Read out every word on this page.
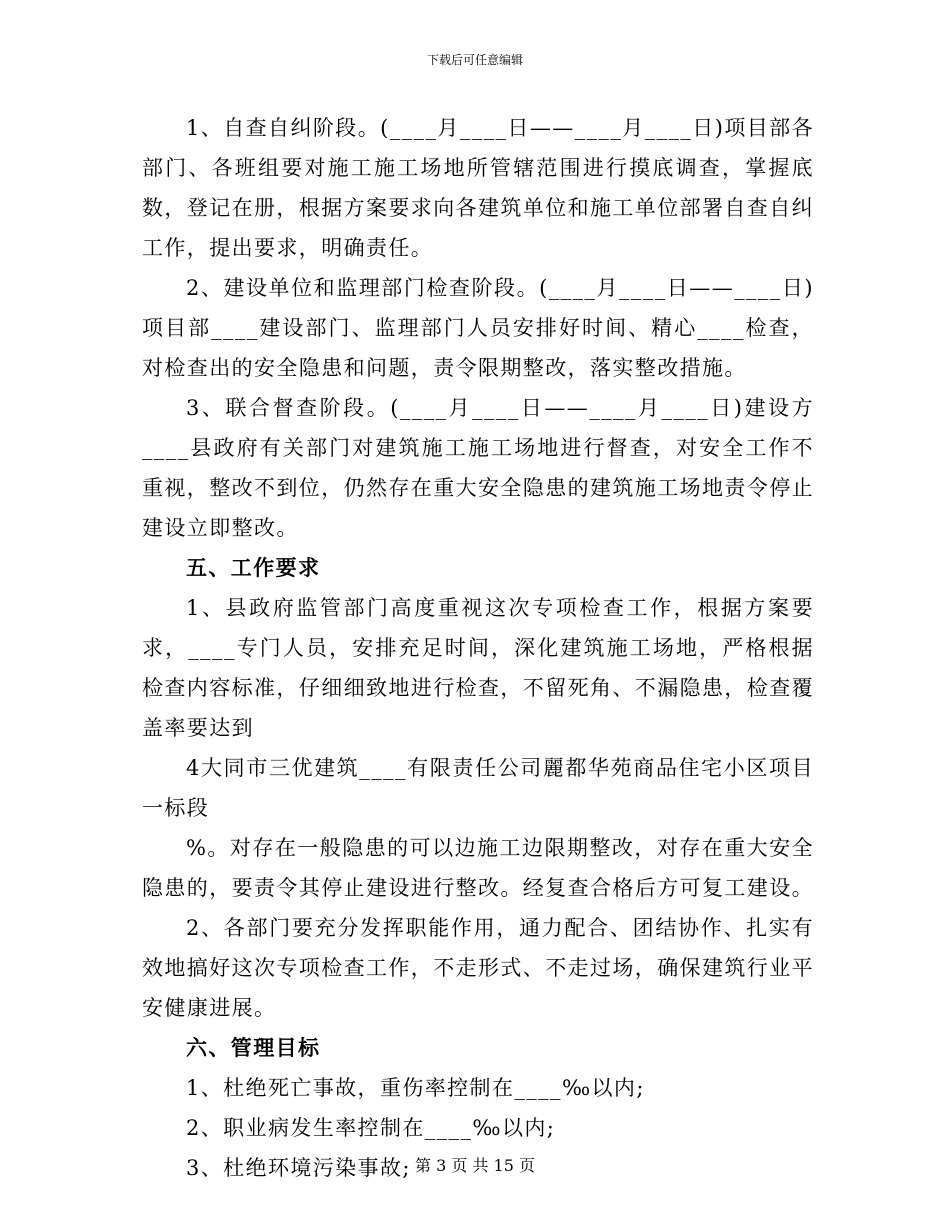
下载后可任意编辑

1、自查自纠阶段。(____月____日——____月____日)项目部各部门、各班组要对施工施工场地所管辖范围进行摸底调查，掌握底数，登记在册，根据方案要求向各建筑单位和施工单位部署自查自纠工作，提出要求，明确责任。

2、建设单位和监理部门检查阶段。(____月____日——____日)项目部____建设部门、监理部门人员安排好时间、精心____检查，对检查出的安全隐患和问题，责令限期整改，落实整改措施。

3、联合督查阶段。(____月____日——____月____日)建设方____县政府有关部门对建筑施工施工场地进行督查，对安全工作不重视，整改不到位，仍然存在重大安全隐患的建筑施工场地责令停止建设立即整改。

五、工作要求

1、县政府监管部门高度重视这次专项检查工作，根据方案要求，____专门人员，安排充足时间，深化建筑施工场地，严格根据检查内容标准，仔细细致地进行检查，不留死角、不漏隐患，检查覆盖率要达到

4大同市三优建筑____有限责任公司麗都华苑商品住宅小区项目一标段

%。对存在一般隐患的可以边施工边限期整改，对存在重大安全隐患的，要责令其停止建设进行整改。经复查合格后方可复工建设。

2、各部门要充分发挥职能作用，通力配合、团结协作、扎实有效地搞好这次专项检查工作，不走形式、不走过场，确保建筑行业平安健康进展。

六、管理目标

1、杜绝死亡事故，重伤率控制在____‰以内;

2、职业病发生率控制在____‰以内;

3、杜绝环境污染事故; 第 3 页 共 15 页
